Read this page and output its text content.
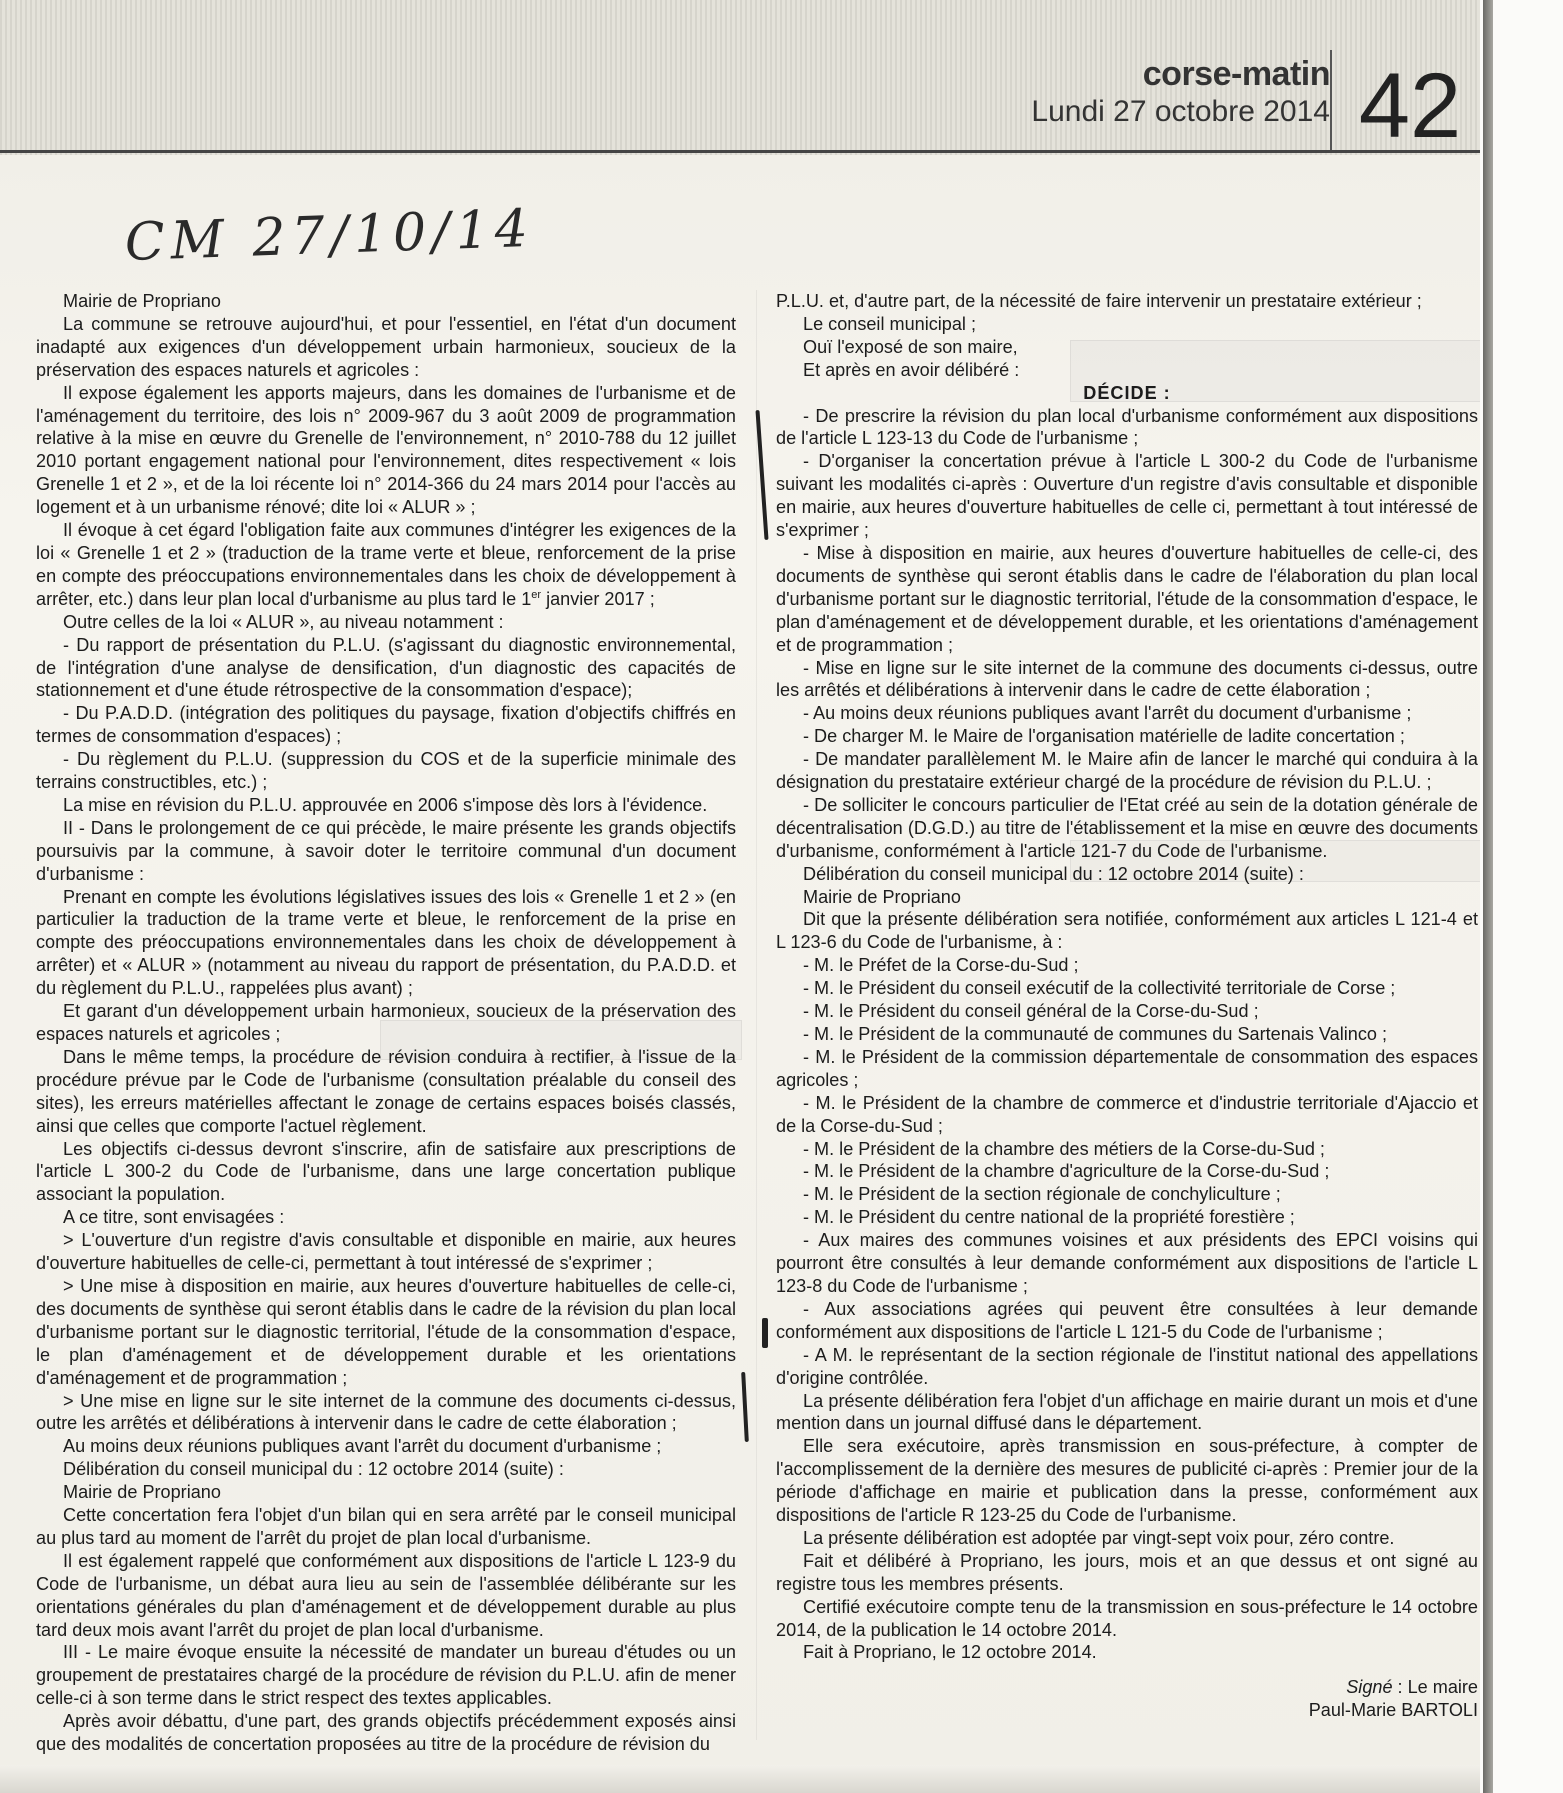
corse-matin
Lundi 27 octobre 2014 42
CM 27/10/14

Mairie de Propriano

La commune se retrouve aujourd'hui, et pour l'essentiel, en l'état d'un document inadapté aux exigences d'un développement urbain harmonieux, soucieux de la préservation des espaces naturels et agricoles :

Il expose également les apports majeurs, dans les domaines de l'urbanisme et de l'aménagement du territoire, des lois n° 2009-967 du 3 août 2009 de programmation relative à la mise en œuvre du Grenelle de l'environnement, n° 2010-788 du 12 juillet 2010 portant engagement national pour l'environnement, dites respectivement « lois Grenelle 1 et 2 », et de la loi récente loi n° 2014-366 du 24 mars 2014 pour l'accès au logement et à un urbanisme rénové; dite loi « ALUR » ;

Il évoque à cet égard l'obligation faite aux communes d'intégrer les exigences de la loi « Grenelle 1 et 2 » (traduction de la trame verte et bleue, renforcement de la prise en compte des préoccupations environnementales dans les choix de développement à arrêter, etc.) dans leur plan local d'urbanisme au plus tard le 1er janvier 2017 ;

Outre celles de la loi « ALUR », au niveau notamment :

- Du rapport de présentation du P.L.U. (s'agissant du diagnostic environnemental, de l'intégration d'une analyse de densification, d'un diagnostic des capacités de stationnement et d'une étude rétrospective de la consommation d'espace);

- Du P.A.D.D. (intégration des politiques du paysage, fixation d'objectifs chiffrés en termes de consommation d'espaces) ;

- Du règlement du P.L.U. (suppression du COS et de la superficie minimale des terrains constructibles, etc.) ;

La mise en révision du P.L.U. approuvée en 2006 s'impose dès lors à l'évidence.

II - Dans le prolongement de ce qui précède, le maire présente les grands objectifs poursuivis par la commune, à savoir doter le territoire communal d'un document d'urbanisme :

Prenant en compte les évolutions législatives issues des lois « Grenelle 1 et 2 » (en particulier la traduction de la trame verte et bleue, le renforcement de la prise en compte des préoccupations environnementales dans les choix de développement à arrêter) et « ALUR » (notamment au niveau du rapport de présentation, du P.A.D.D. et du règlement du P.L.U., rappelées plus avant) ;

Et garant d'un développement urbain harmonieux, soucieux de la préservation des espaces naturels et agricoles ;

Dans le même temps, la procédure de révision conduira à rectifier, à l'issue de la procédure prévue par le Code de l'urbanisme (consultation préalable du conseil des sites), les erreurs matérielles affectant le zonage de certains espaces boisés classés, ainsi que celles que comporte l'actuel règlement.

Les objectifs ci-dessus devront s'inscrire, afin de satisfaire aux prescriptions de l'article L 300-2 du Code de l'urbanisme, dans une large concertation publique associant la population.

A ce titre, sont envisagées :

> L'ouverture d'un registre d'avis consultable et disponible en mairie, aux heures d'ouverture habituelles de celle-ci, permettant à tout intéressé de s'exprimer ;

> Une mise à disposition en mairie, aux heures d'ouverture habituelles de celle-ci, des documents de synthèse qui seront établis dans le cadre de la révision du plan local d'urbanisme portant sur le diagnostic territorial, l'étude de la consommation d'espace, le plan d'aménagement et de développement durable et les orientations d'aménagement et de programmation ;

> Une mise en ligne sur le site internet de la commune des documents ci-dessus, outre les arrêtés et délibérations à intervenir dans le cadre de cette élaboration ;

Au moins deux réunions publiques avant l'arrêt du document d'urbanisme ;

Délibération du conseil municipal du : 12 octobre 2014 (suite) :

Mairie de Propriano

Cette concertation fera l'objet d'un bilan qui en sera arrêté par le conseil municipal au plus tard au moment de l'arrêt du projet de plan local d'urbanisme.

Il est également rappelé que conformément aux dispositions de l'article L 123-9 du Code de l'urbanisme, un débat aura lieu au sein de l'assemblée délibérante sur les orientations générales du plan d'aménagement et de développement durable au plus tard deux mois avant l'arrêt du projet de plan local d'urbanisme.

III - Le maire évoque ensuite la nécessité de mandater un bureau d'études ou un groupement de prestataires chargé de la procédure de révision du P.L.U. afin de mener celle-ci à son terme dans le strict respect des textes applicables.

Après avoir débattu, d'une part, des grands objectifs précédemment exposés ainsi que des modalités de concertation proposées au titre de la procédure de révision du

P.L.U. et, d'autre part, de la nécessité de faire intervenir un prestataire extérieur ;

Le conseil municipal ;

Ouï l'exposé de son maire,

Et après en avoir délibéré :

DÉCIDE :

- De prescrire la révision du plan local d'urbanisme conformément aux dispositions de l'article L 123-13 du Code de l'urbanisme ;

- D'organiser la concertation prévue à l'article L 300-2 du Code de l'urbanisme suivant les modalités ci-après : Ouverture d'un registre d'avis consultable et disponible en mairie, aux heures d'ouverture habituelles de celle ci, permettant à tout intéressé de s'exprimer ;

- Mise à disposition en mairie, aux heures d'ouverture habituelles de celle-ci, des documents de synthèse qui seront établis dans le cadre de l'élaboration du plan local d'urbanisme portant sur le diagnostic territorial, l'étude de la consommation d'espace, le plan d'aménagement et de développement durable, et les orientations d'aménagement et de programmation ;

- Mise en ligne sur le site internet de la commune des documents ci-dessus, outre les arrêtés et délibérations à intervenir dans le cadre de cette élaboration ;

- Au moins deux réunions publiques avant l'arrêt du document d'urbanisme ;

- De charger M. le Maire de l'organisation matérielle de ladite concertation ;

- De mandater parallèlement M. le Maire afin de lancer le marché qui conduira à la désignation du prestataire extérieur chargé de la procédure de révision du P.L.U. ;

- De solliciter le concours particulier de l'Etat créé au sein de la dotation générale de décentralisation (D.G.D.) au titre de l'établissement et la mise en œuvre des documents d'urbanisme, conformément à l'article 121-7 du Code de l'urbanisme.

Délibération du conseil municipal du : 12 octobre 2014 (suite) :

Mairie de Propriano

Dit que la présente délibération sera notifiée, conformément aux articles L 121-4 et L 123-6 du Code de l'urbanisme, à :

- M. le Préfet de la Corse-du-Sud ;

- M. le Président du conseil exécutif de la collectivité territoriale de Corse ;

- M. le Président du conseil général de la Corse-du-Sud ;

- M. le Président de la communauté de communes du Sartenais Valinco ;

- M. le Président de la commission départementale de consommation des espaces agricoles ;

- M. le Président de la chambre de commerce et d'industrie territoriale d'Ajaccio et de la Corse-du-Sud ;

- M. le Président de la chambre des métiers de la Corse-du-Sud ;

- M. le Président de la chambre d'agriculture de la Corse-du-Sud ;

- M. le Président de la section régionale de conchyliculture ;

- M. le Président du centre national de la propriété forestière ;

- Aux maires des communes voisines et aux présidents des EPCI voisins qui pourront être consultés à leur demande conformément aux dispositions de l'article L 123-8 du Code de l'urbanisme ;

- Aux associations agrées qui peuvent être consultées à leur demande conformément aux dispositions de l'article L 121-5 du Code de l'urbanisme ;

- A M. le représentant de la section régionale de l'institut national des appellations d'origine contrôlée.

La présente délibération fera l'objet d'un affichage en mairie durant un mois et d'une mention dans un journal diffusé dans le département.

Elle sera exécutoire, après transmission en sous-préfecture, à compter de l'accomplissement de la dernière des mesures de publicité ci-après : Premier jour de la période d'affichage en mairie et publication dans la presse, conformément aux dispositions de l'article R 123-25 du Code de l'urbanisme.

La présente délibération est adoptée par vingt-sept voix pour, zéro contre.

Fait et délibéré à Propriano, les jours, mois et an que dessus et ont signé au registre tous les membres présents.

Certifié exécutoire compte tenu de la transmission en sous-préfecture le 14 octobre 2014, de la publication le 14 octobre 2014.

Fait à Propriano, le 12 octobre 2014.

Signé : Le maire

Paul-Marie BARTOLI
